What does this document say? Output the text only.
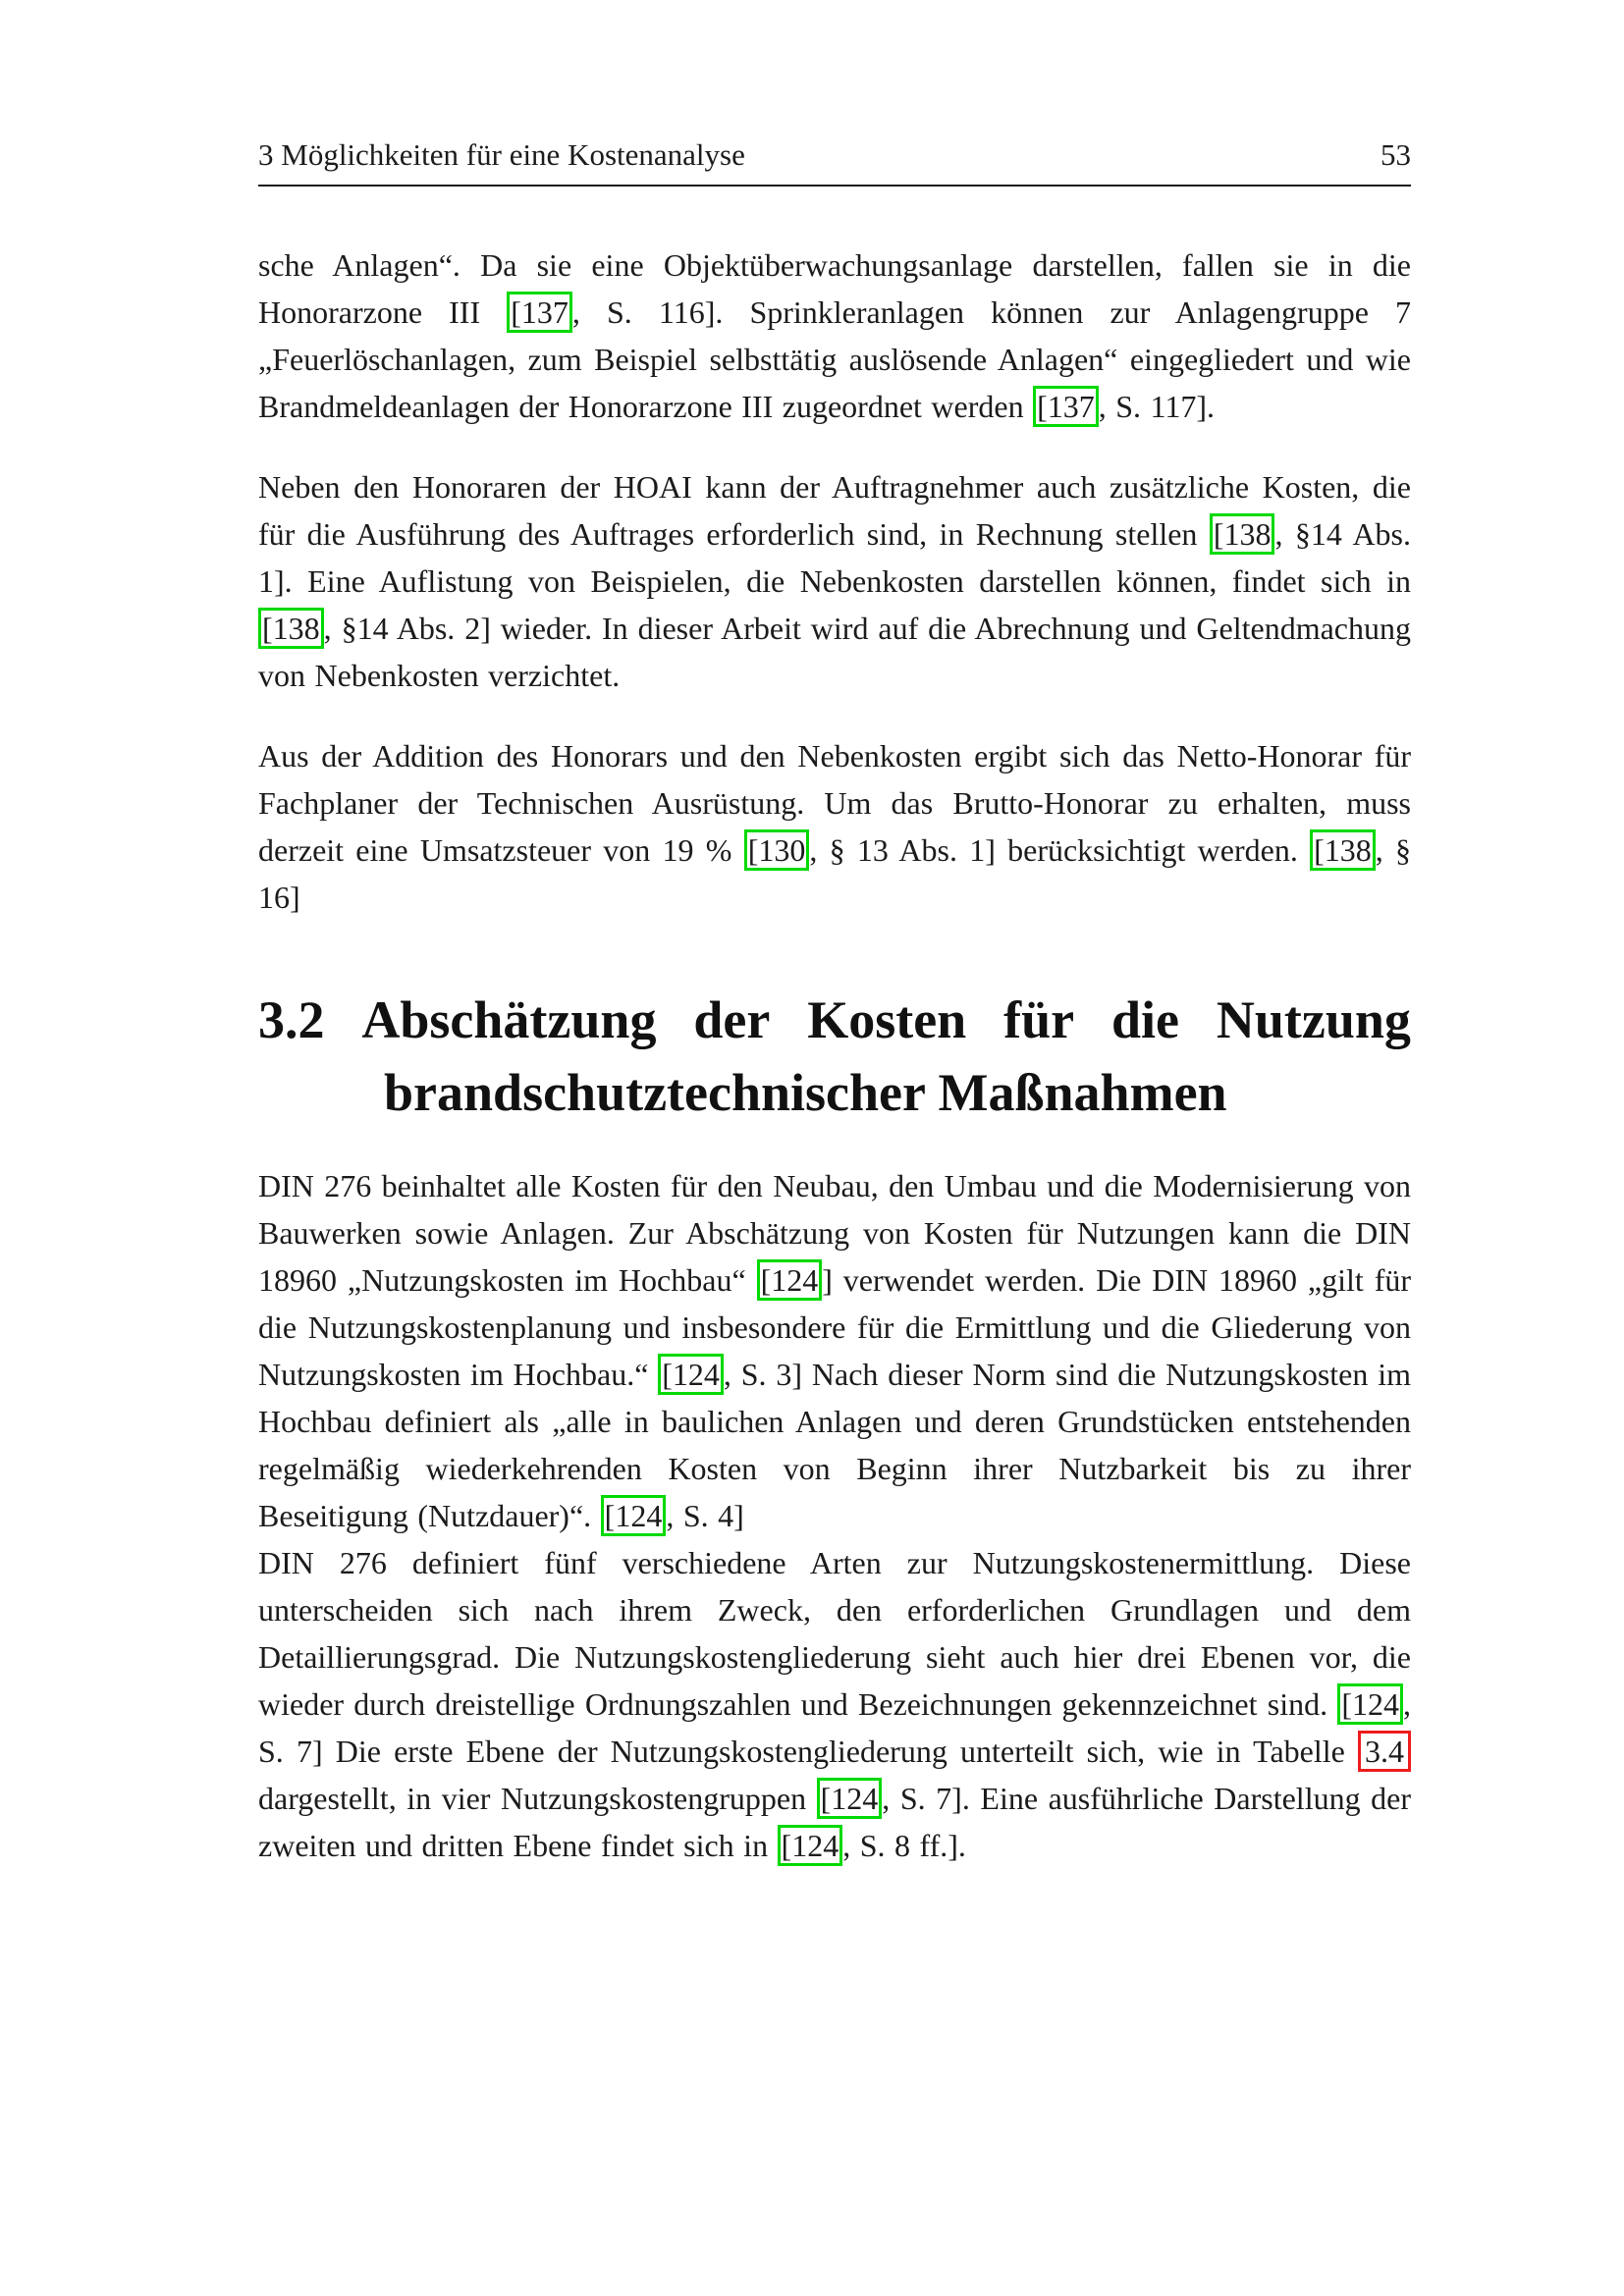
3 Möglichkeiten für eine Kostenanalyse	53

sche Anlagen“. Da sie eine Objektüberwachungsanlage darstellen, fallen sie in die Honorarzone III [137 , S. 116]. Sprinkleranlagen können zur Anlagengruppe 7 „Feuerlöschanlagen, zum Beispiel selbsttätig auslösende Anlagen“ eingegliedert und wie Brandmeldeanlagen der Honorarzone III zugeordnet werden [137 , S. 117].

Neben den Honoraren der HOAI kann der Auftragnehmer auch zusätzliche Kosten, die für die Ausführung des Auftrages erforderlich sind, in Rechnung stellen [138 , §14 Abs. 1]. Eine Auflistung von Beispielen, die Nebenkosten darstellen können, findet sich in [138 , §14 Abs. 2] wieder. In dieser Arbeit wird auf die Abrechnung und Geltendmachung von Nebenkosten verzichtet.

Aus der Addition des Honorars und den Nebenkosten ergibt sich das Netto-Honorar für Fachplaner der Technischen Ausrüstung. Um das Brutto-Honorar zu erhalten, muss derzeit eine Umsatzsteuer von 19 % [130 , § 13 Abs. 1] berücksichtigt werden. [138 , § 16]

3.2 Abschätzung der Kosten für die Nutzung
brandschutztechnischer Maßnahmen

DIN 276 beinhaltet alle Kosten für den Neubau, den Umbau und die Modernisierung von Bauwerken sowie Anlagen. Zur Abschätzung von Kosten für Nutzungen kann die DIN 18960 „Nutzungskosten im Hochbau“ [124 ] verwendet werden. Die DIN 18960 „gilt für die Nutzungskostenplanung und insbesondere für die Ermittlung und die Gliederung von Nutzungskosten im Hochbau.“ [124 , S. 3] Nach dieser Norm sind die Nutzungskosten im Hochbau definiert als „alle in baulichen Anlagen und deren Grundstücken entstehenden regelmäßig wiederkehrenden Kosten von Beginn ihrer Nutzbarkeit bis zu ihrer Beseitigung (Nutzdauer)“. [124 , S. 4]

DIN 276 definiert fünf verschiedene Arten zur Nutzungskostenermittlung. Diese unterscheiden sich nach ihrem Zweck, den erforderlichen Grundlagen und dem Detaillierungsgrad. Die Nutzungskostengliederung sieht auch hier drei Ebenen vor, die wieder durch dreistellige Ordnungszahlen und Bezeichnungen gekennzeichnet sind. [124 , S. 7] Die erste Ebene der Nutzungskostengliederung unterteilt sich, wie in Tabelle 3.4 dargestellt, in vier Nutzungskostengruppen [124 , S. 7]. Eine ausführliche Darstellung der zweiten und dritten Ebene findet sich in [124 , S. 8 ff.].
